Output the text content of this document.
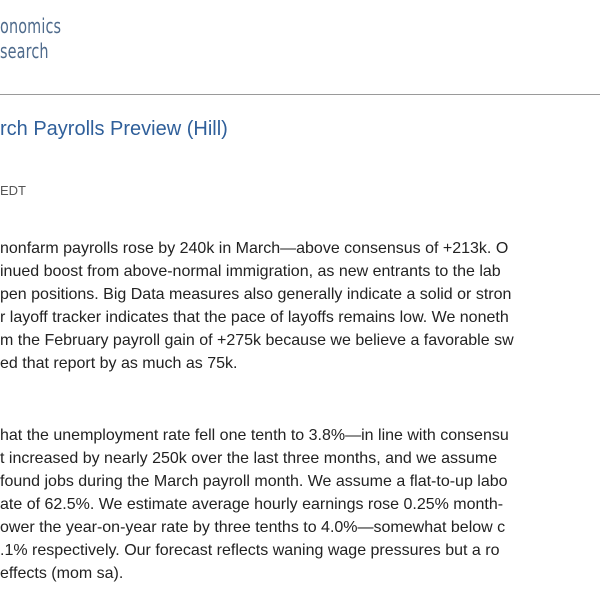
onomics
search
rch Payrolls Preview (Hill)
EDT

nonfarm payrolls rose by 240k in March—above consensus of +213k. O
inued boost from above-normal immigration, as new entrants to the lab
pen positions. Big Data measures also generally indicate a solid or stron
r layoff tracker indicates that the pace of layoffs remains low. We noneth
m the February payroll gain of +275k because we believe a favorable sw
ed that report by as much as 75k.

hat the unemployment rate fell one tenth to 3.8%—in line with consensu
t increased by nearly 250k over the last three months, and we assume
found jobs during the March payroll month. We assume a flat-to-up labo
ate of 62.5%. We estimate average hourly earnings rose 0.25% month-
ower the year-on-year rate by three tenths to 4.0%—somewhat below c
.1% respectively. Our forecast reflects waning wage pressures but a ro
effects (mom sa).
